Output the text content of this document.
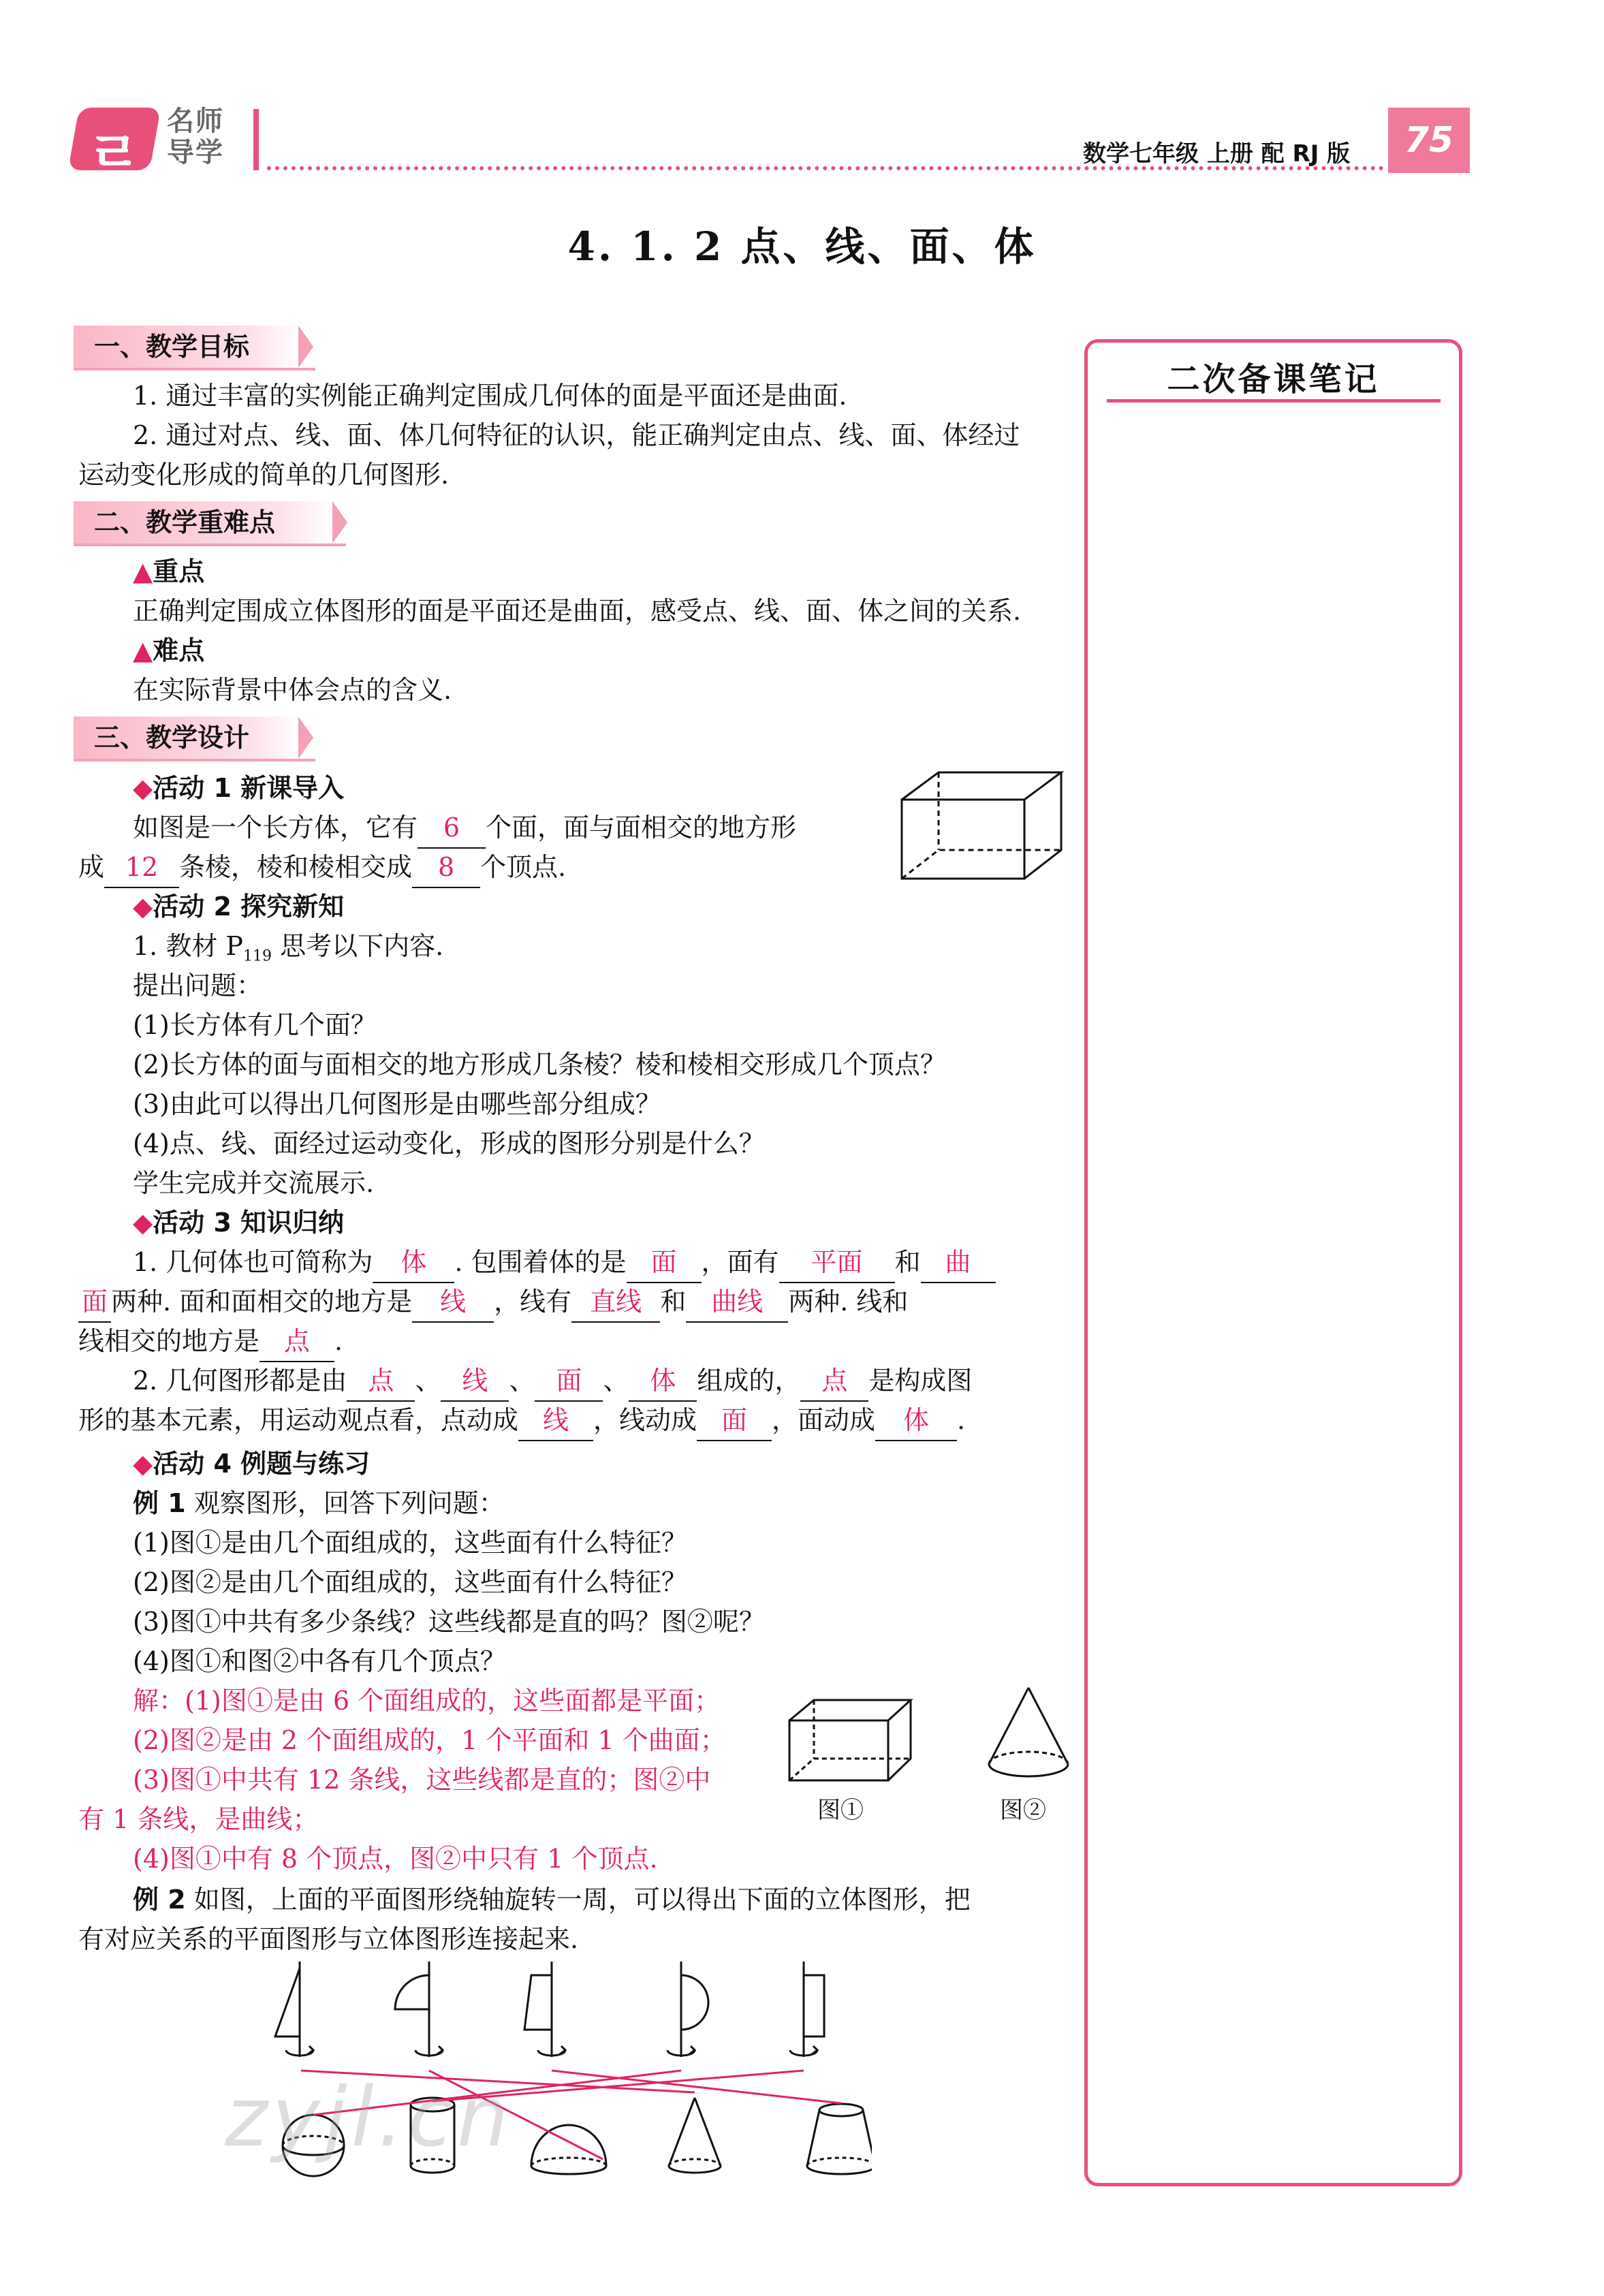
ㄹ 名师
导学	数学七年级 上册 配 RJ 版	75
4. 1. 2 点、线、面、体
二次备课笔记
一、教学目标
1. 通过丰富的实例能正确判定围成几何体的面是平面还是曲面.
2. 通过对点、线、面、体几何特征的认识，能正确判定由点、线、面、体经过
运动变化形成的简单的几何图形.
二、教学重难点
▲重点
正确判定围成立体图形的面是平面还是曲面，感受点、线、面、体之间的关系.
▲难点
在实际背景中体会点的含义.
三、教学设计
◆活动 1 新课导入
如图是一个长方体，它有 6 个面，面与面相交的地方形
成 12 条棱，棱和棱相交成 8 个顶点.
◆活动 2 探究新知
1. 教材 $P_{119}$ 思考以下内容.
提出问题：
(1)长方体有几个面？
(2)长方体的面与面相交的地方形成几条棱？棱和棱相交形成几个顶点？
(3)由此可以得出几何图形是由哪些部分组成？
(4)点、线、面经过运动变化，形成的图形分别是什么？
学生完成并交流展示.
◆活动 3 知识归纳
1. 几何体也可简称为 体 . 包围着体的是 面 ，面有 平面 和 曲
面 两种. 面和面相交的地方是 线 ，线有 直线 和 曲线 两种. 线和
线相交的地方是 点 .
2. 几何图形都是由 点 、 线 、 面 、 体 组成的， 点 是构成图
形的基本元素，用运动观点看，点动成 线 ，线动成 面 ，面动成 体 .
◆活动 4 例题与练习
例 1 观察图形，回答下列问题：
(1)图①是由几个面组成的，这些面有什么特征？
(2)图②是由几个面组成的，这些面有什么特征？
(3)图①中共有多少条线？这些线都是直的吗？图②呢？
(4)图①和图②中各有几个顶点？
解：(1)图①是由 6 个面组成的，这些面都是平面；
(2)图②是由 2 个面组成的，1 个平面和 1 个曲面；
(3)图①中共有 12 条线，这些线都是直的；图②中
有 1 条线，是曲线；
(4)图①中有 8 个顶点，图②中只有 1 个顶点.
图①	图②
例 2 如图，上面的平面图形绕轴旋转一周，可以得出下面的立体图形，把
有对应关系的平面图形与立体图形连接起来.
zyjl.cn
